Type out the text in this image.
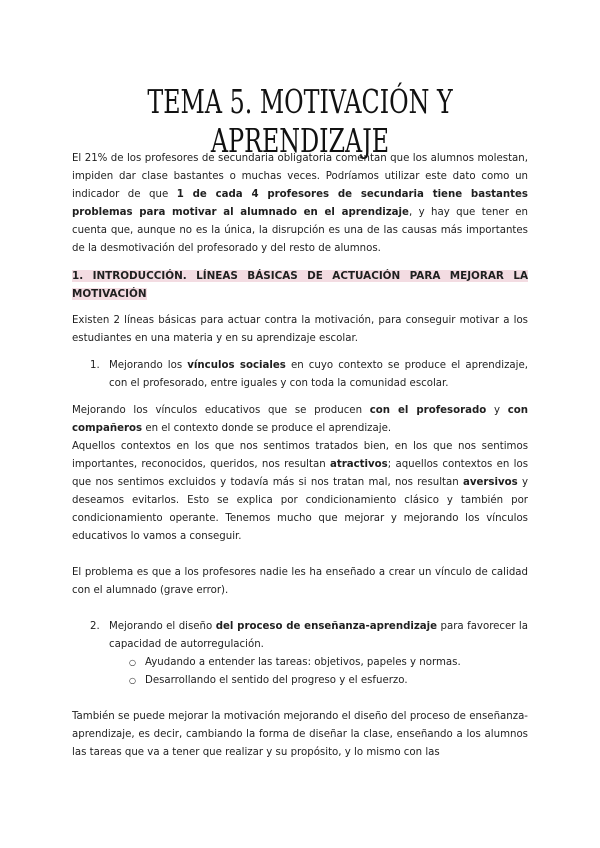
TEMA 5. MOTIVACIÓN Y APRENDIZAJE

El 21% de los profesores de secundaria obligatoria comentan que los alumnos molestan, impiden dar clase bastantes o muchas veces. Podríamos utilizar este dato como un indicador de que 1 de cada 4 profesores de secundaria tiene bastantes problemas para motivar al alumnado en el aprendizaje, y hay que tener en cuenta que, aunque no es la única, la disrupción es una de las causas más importantes de la desmotivación del profesorado y del resto de alumnos.

1. INTRODUCCIÓN. LÍNEAS BÁSICAS DE ACTUACIÓN PARA MEJORAR LA MOTIVACIÓN

Existen 2 líneas básicas para actuar contra la motivación, para conseguir motivar a los estudiantes en una materia y en su aprendizaje escolar.

1. Mejorando los vínculos sociales en cuyo contexto se produce el aprendizaje, con el profesorado, entre iguales y con toda la comunidad escolar.

Mejorando los vínculos educativos que se producen con el profesorado y con compañeros en el contexto donde se produce el aprendizaje.

Aquellos contextos en los que nos sentimos tratados bien, en los que nos sentimos importantes, reconocidos, queridos, nos resultan atractivos; aquellos contextos en los que nos sentimos excluidos y todavía más si nos tratan mal, nos resultan aversivos y deseamos evitarlos. Esto se explica por condicionamiento clásico y también por condicionamiento operante. Tenemos mucho que mejorar y mejorando los vínculos educativos lo vamos a conseguir.

El problema es que a los profesores nadie les ha enseñado a crear un vínculo de calidad con el alumnado (grave error).

2. Mejorando el diseño del proceso de enseñanza-aprendizaje para favorecer la capacidad de autorregulación.
○ Ayudando a entender las tareas: objetivos, papeles y normas.
○ Desarrollando el sentido del progreso y el esfuerzo.

También se puede mejorar la motivación mejorando el diseño del proceso de enseñanza-aprendizaje, es decir, cambiando la forma de diseñar la clase, enseñando a los alumnos las tareas que va a tener que realizar y su propósito, y lo mismo con las
